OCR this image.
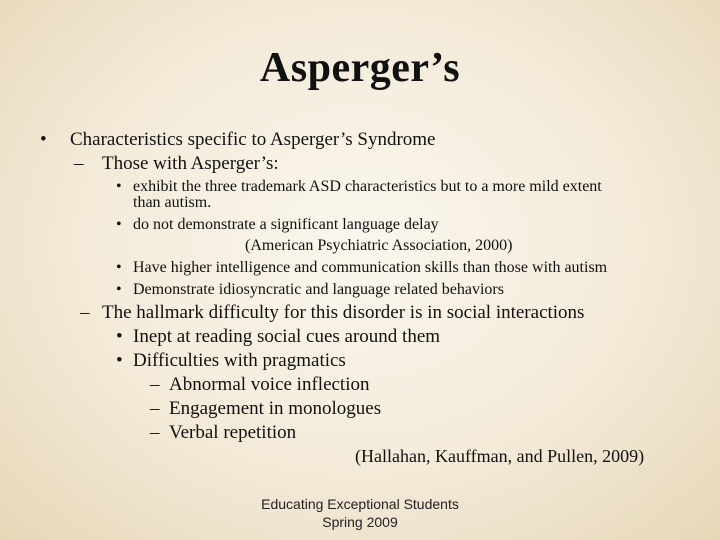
Asperger’s
• Characteristics specific to Asperger’s Syndrome
– Those with Asperger’s:
• exhibit the three trademark ASD characteristics but to a more mild extent
than autism.
• do not demonstrate a significant language delay
(American Psychiatric Association, 2000)
• Have higher intelligence and communication skills than those with autism
• Demonstrate idiosyncratic and language related behaviors
– The hallmark difficulty for this disorder is in social interactions
• Inept at reading social cues around them
• Difficulties with pragmatics
– Abnormal voice inflection
– Engagement in monologues
– Verbal repetition
(Hallahan, Kauffman, and Pullen, 2009)
Educating Exceptional Students
Spring 2009
